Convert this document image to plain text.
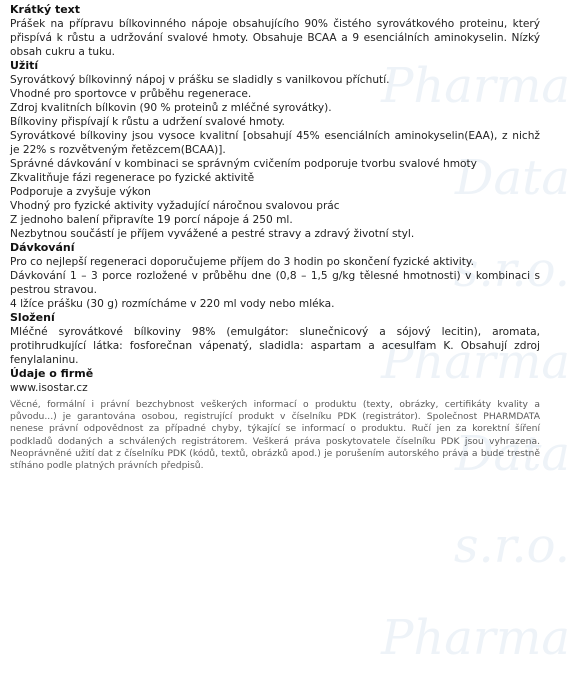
Pharma
Data s.r.o.
Pharma
Data s.r.o.
Pharma
Krátký text

Prášek na přípravu bílkovinného nápoje obsahujícího 90% čistého syrovátkového proteinu, který přispívá k růstu a udržování svalové hmoty. Obsahuje BCAA a 9 esenciálních aminokyselin. Nízký obsah cukru a tuku.

Užití

Syrovátkový bílkovinný nápoj v prášku se sladidly s vanilkovou příchutí.

Vhodné pro sportovce v průběhu regenerace.

Zdroj kvalitních bílkovin (90 % proteinů z mléčné syrovátky).

Bílkoviny přispívají k růstu a udržení svalové hmoty.

Syrovátkové bílkoviny jsou vysoce kvalitní [obsahují 45% esenciálních aminokyselin(EAA), z nichž je 22% s rozvětveným řetězcem(BCAA)].

Správné dávkování v kombinaci se správným cvičením podporuje tvorbu svalové hmoty

Zkvalitňuje fázi regenerace po fyzické aktivitě

Podporuje a zvyšuje výkon

Vhodný pro fyzické aktivity vyžadující náročnou svalovou prác

Z jednoho balení připravíte 19 porcí nápoje á 250 ml.

Nezbytnou součástí je příjem vyvážené a pestré stravy a zdravý životní styl.

Dávkování

Pro co nejlepší regeneraci doporučujeme příjem do 3 hodin po skončení fyzické aktivity.

Dávkování 1 – 3 porce rozložené v průběhu dne (0,8 – 1,5 g/kg tělesné hmotnosti) v kombinaci s pestrou stravou.

4 lžíce prášku (30 g) rozmícháme v 220 ml vody nebo mléka.

Složení

Mléčné syrovátkové bílkoviny 98% (emulgátor: slunečnicový a sójový lecitin), aromata, protihrudkující látka: fosforečnan vápenatý, sladidla: aspartam a acesulfam K. Obsahují zdroj fenylalaninu.

Údaje o firmě

www.isostar.cz

Věcné, formální i právní bezchybnost veškerých informací o produktu (texty, obrázky, certifikáty kvality a původu...) je garantována osobou, registrující produkt v číselníku PDK (registrátor). Společnost PHARMDATA nenese právní odpovědnost za případné chyby, týkající se informací o produktu. Ručí jen za korektní šíření podkladů dodaných a schválených registrátorem. Veškerá práva poskytovatele číselníku PDK jsou vyhrazena. Neoprávněné užití dat z číselníku PDK (kódů, textů, obrázků apod.) je porušením autorského práva a bude trestně stíháno podle platných právních předpisů.
